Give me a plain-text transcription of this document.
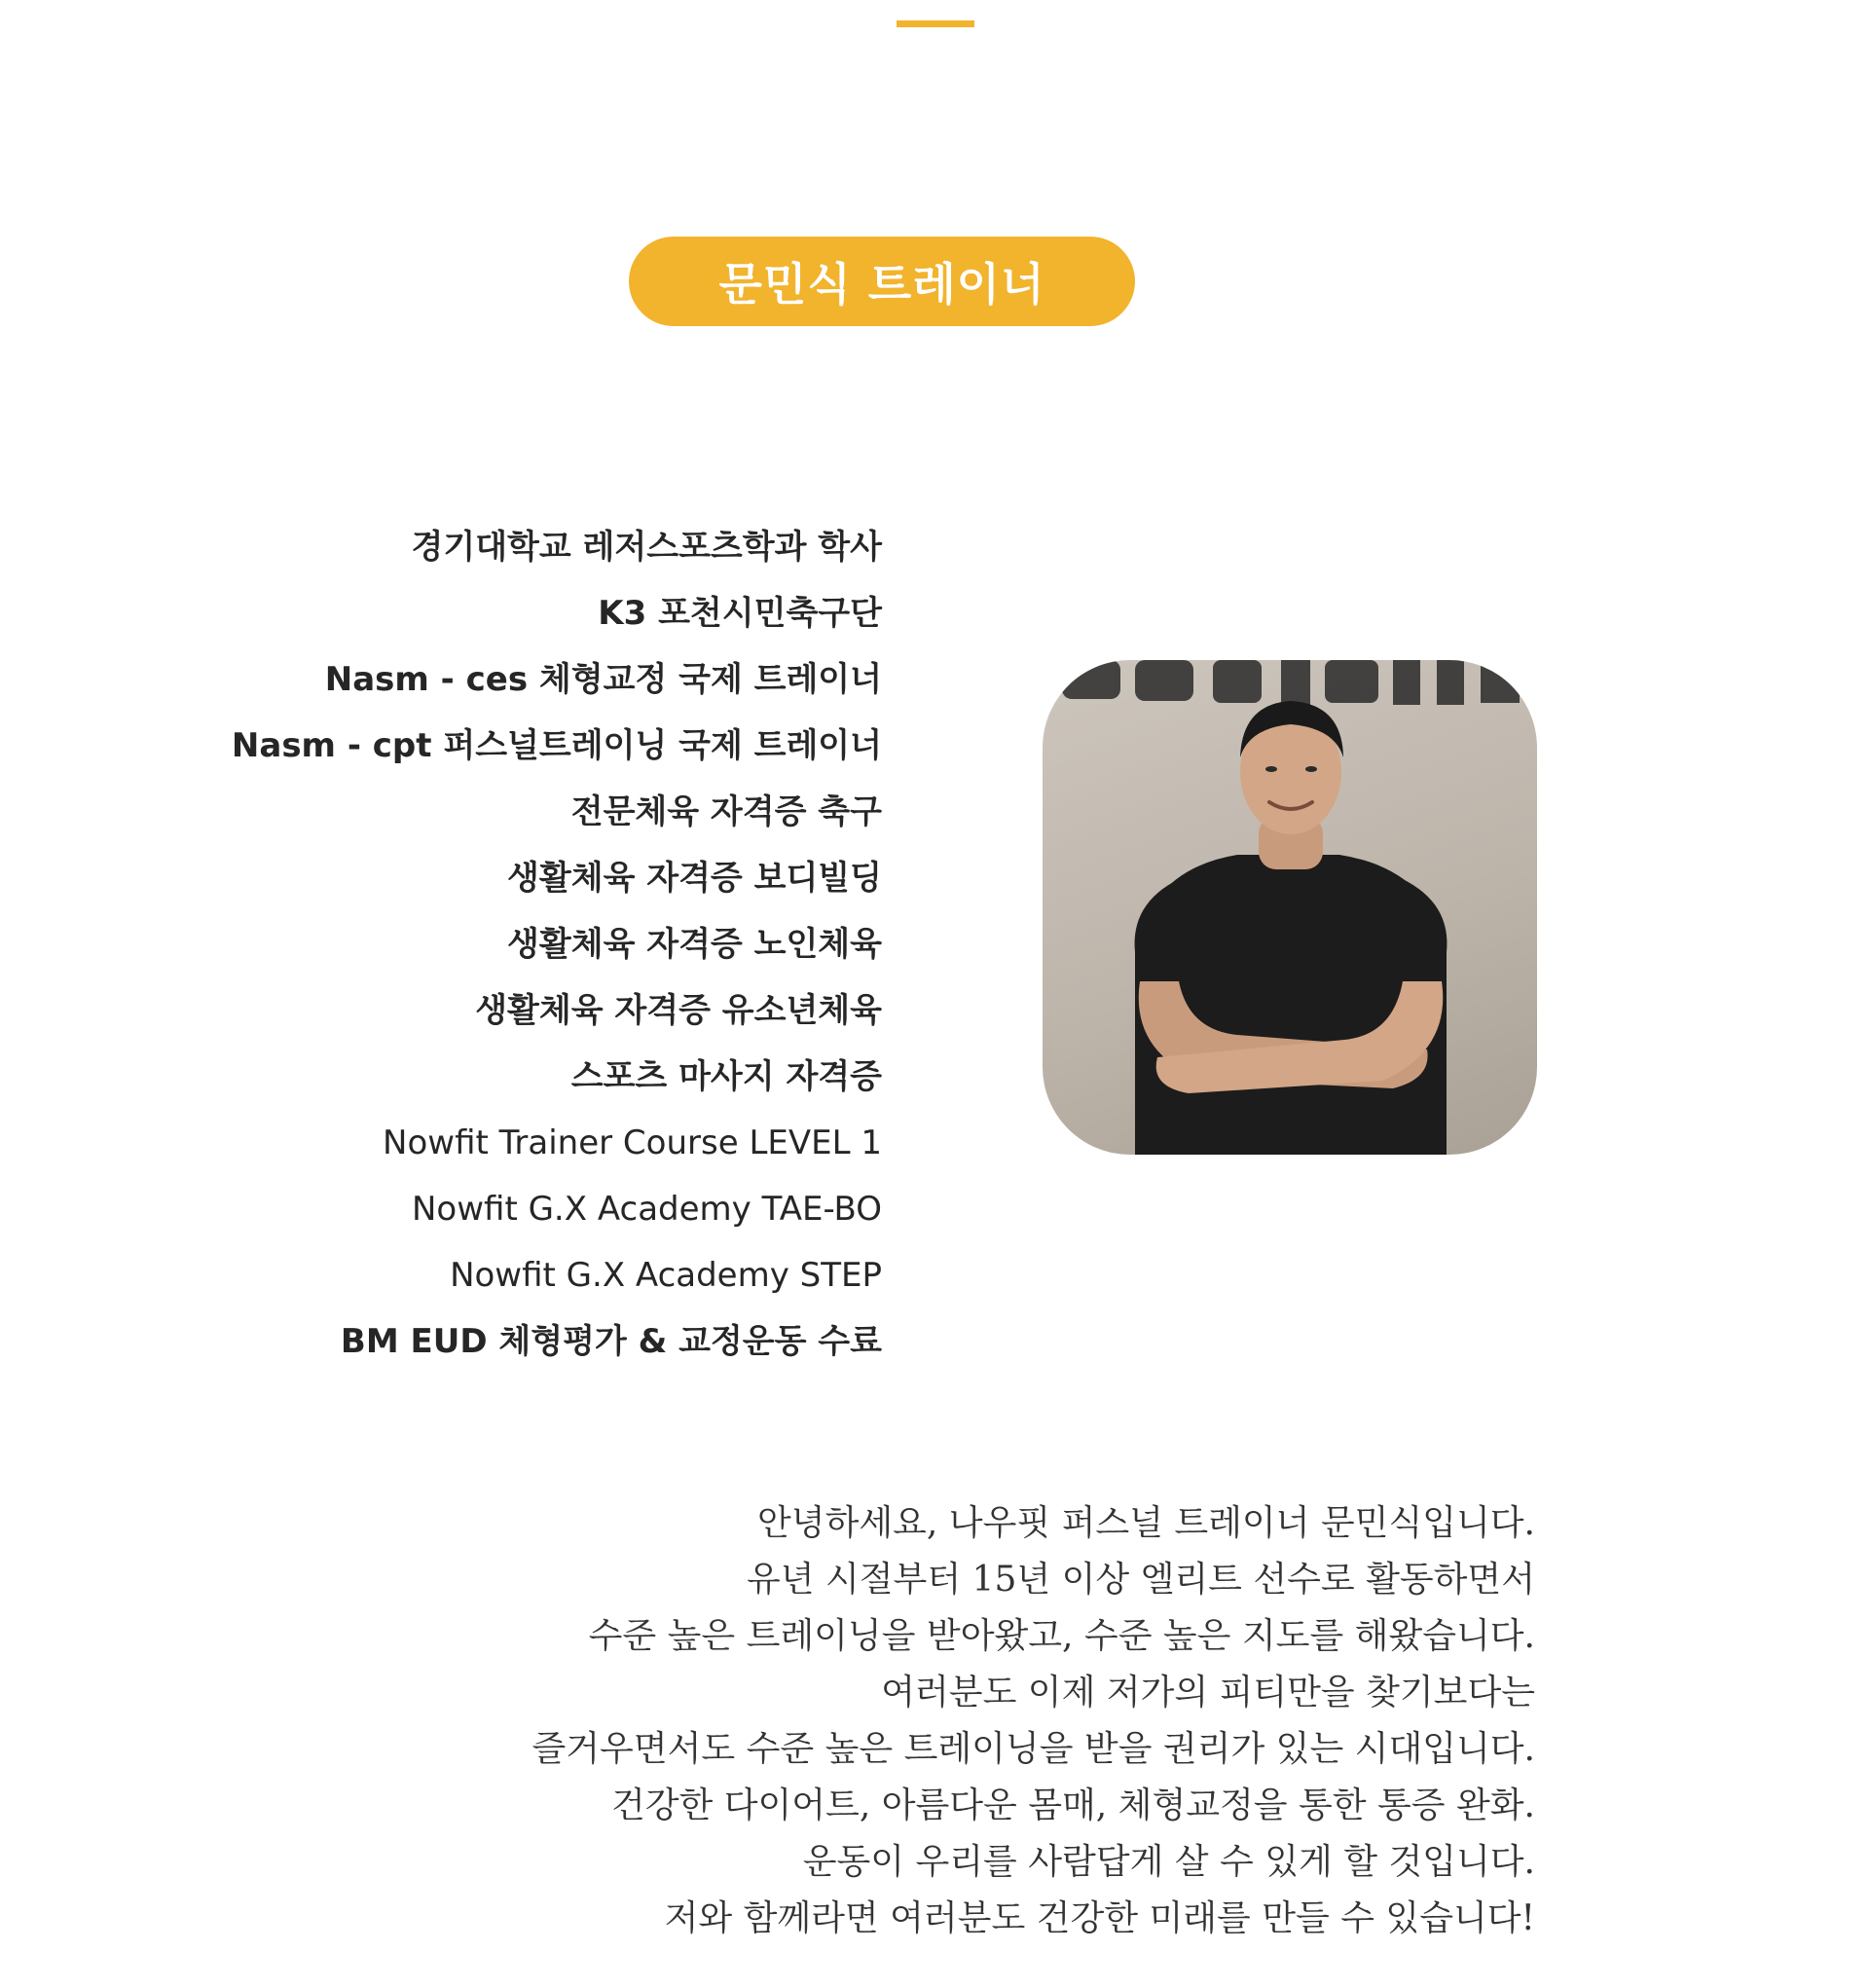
문민식 트레이너
경기대학교 레저스포츠학과 학사
K3 포천시민축구단
Nasm - ces 체형교정 국제 트레이너
Nasm - cpt 퍼스널트레이닝 국제 트레이너
전문체육 자격증 축구
생활체육 자격증 보디빌딩
생활체육 자격증 노인체육
생활체육 자격증 유소년체육
스포츠 마사지 자격증
Nowfit Trainer Course LEVEL 1
Nowfit G.X Academy TAE-BO
Nowfit G.X Academy STEP
BM EUD 체형평가 & 교정운동 수료

안녕하세요, 나우핏 퍼스널 트레이너 문민식입니다.

유년 시절부터 15년 이상 엘리트 선수로 활동하면서

수준 높은 트레이닝을 받아왔고, 수준 높은 지도를 해왔습니다.

여러분도 이제 저가의 피티만을 찾기보다는

즐거우면서도 수준 높은 트레이닝을 받을 권리가 있는 시대입니다.

건강한 다이어트, 아름다운 몸매, 체형교정을 통한 통증 완화.

운동이 우리를 사람답게 살 수 있게 할 것입니다.

저와 함께라면 여러분도 건강한 미래를 만들 수 있습니다!
